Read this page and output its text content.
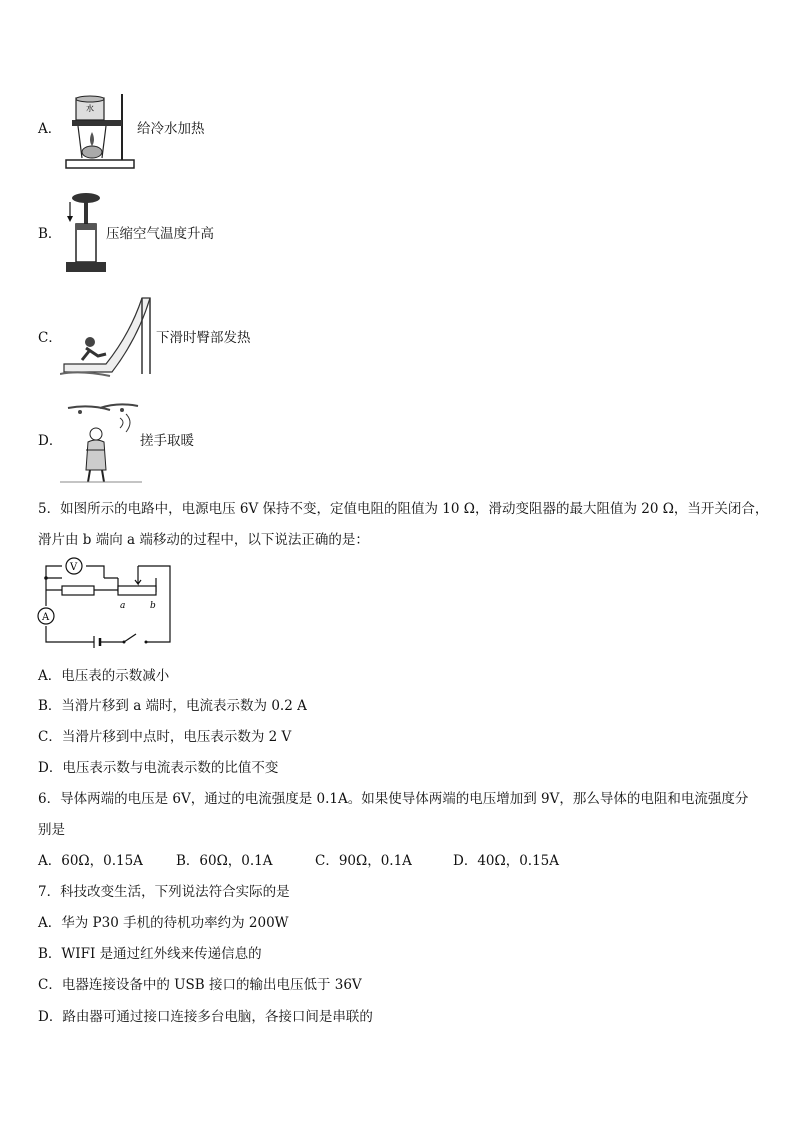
A．
水
给冷水加热
B．	压缩空气温度升高
C．	下滑时臀部发热
D．	搓手取暖
5．如图所示的电路中，电源电压 6V 保持不变，定值电阻的阻值为 10 Ω，滑动变阻器的最大阻值为 20 Ω，当开关闭合，
滑片由 b 端向 a 端移动的过程中，以下说法正确的是：
V
a	b
A
A．电压表的示数减小
B．当滑片移到 a 端时，电流表示数为 0.2 A
C．当滑片移到中点时，电压表示数为 2 V
D．电压表示数与电流表示数的比值不变
6．导体两端的电压是 6V，通过的电流强度是 0.1A。如果使导体两端的电压增加到 9V，那么导体的电阻和电流强度分
别是
A．60Ω，0.15A B．60Ω，0.1A	C．90Ω，0.1A	D．40Ω，0.15A
7．科技改变生活，下列说法符合实际的是
A．华为 P30 手机的待机功率约为 200W
B．WIFI 是通过红外线来传递信息的
C．电器连接设备中的 USB 接口的输出电压低于 36V
D．路由器可通过接口连接多台电脑，各接口间是串联的
